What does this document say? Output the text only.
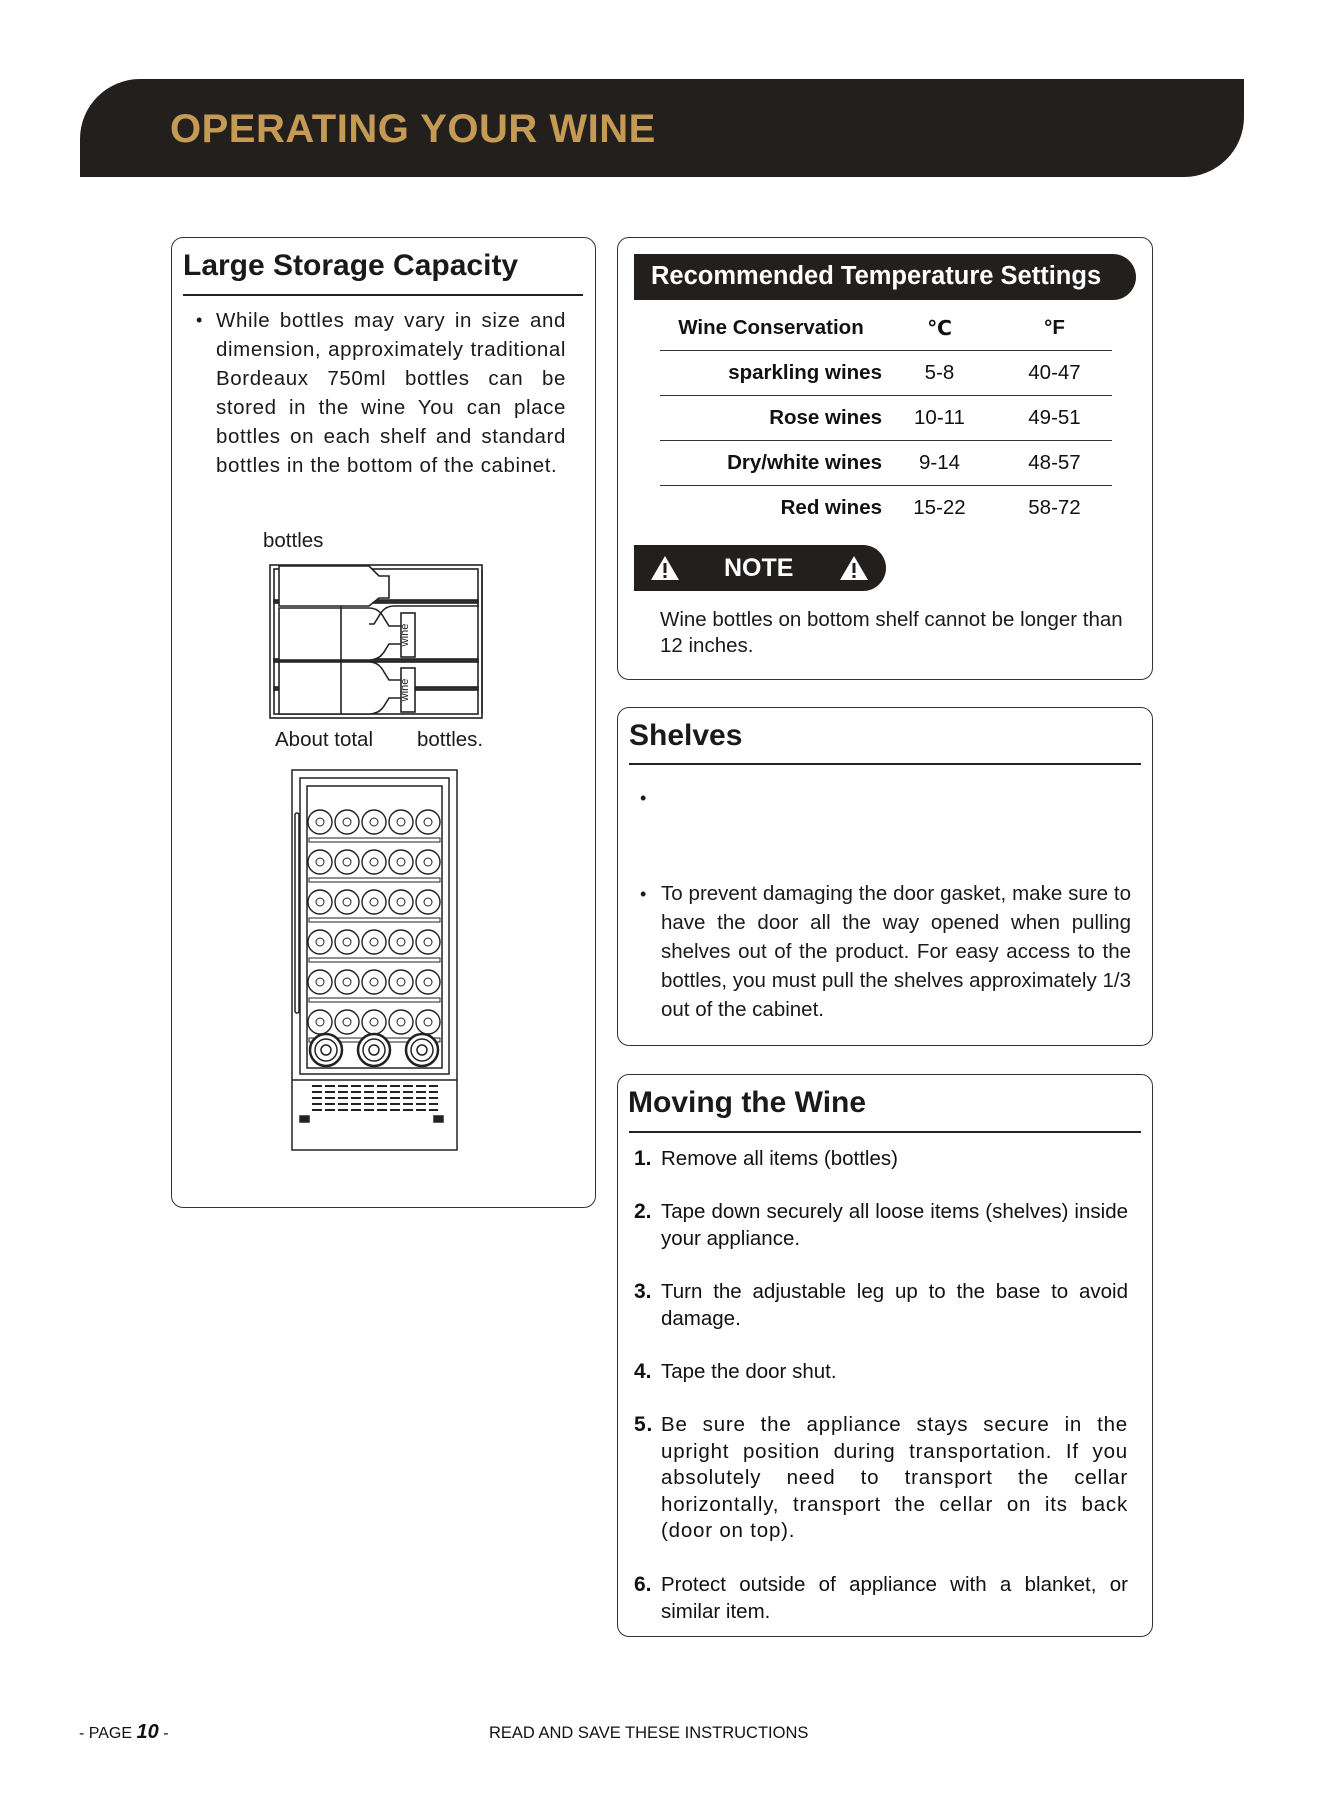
OPERATING YOUR WINE
Large Storage Capacity
• While bottles may vary in size and dimension, approximately traditional Bordeaux 750ml bottles can be stored in the wine You can place bottles on each shelf and standard bottles in the bottom of the cabinet.
bottles
wine
wine
About total bottles.
Recommended Temperature Settings
Wine Conservation	℃	°F
sparkling wines	5-8	40-47
Rose wines	10-11	49-51
Dry/white wines	9-14	48-57
Red wines	15-22	58-72
NOTE
Wine bottles on bottom shelf cannot be longer than 12 inches.
Shelves
•
• To prevent damaging the door gasket, make sure to have the door all the way opened when pulling shelves out of the product. For easy access to the bottles, you must pull the shelves approximately 1/3 out of the cabinet.
Moving the Wine
1. Remove all items (bottles)
2. Tape down securely all loose items (shelves) inside your appliance.
3. Turn the adjustable leg up to the base to avoid damage.
4. Tape the door shut.
5. Be sure the appliance stays secure in the upright position during transportation. If you absolutely need to transport the cellar horizontally, transport the cellar on its back (door on top).
6. Protect outside of appliance with a blanket, or similar item.
- PAGE 10 -	READ AND SAVE THESE INSTRUCTIONS
